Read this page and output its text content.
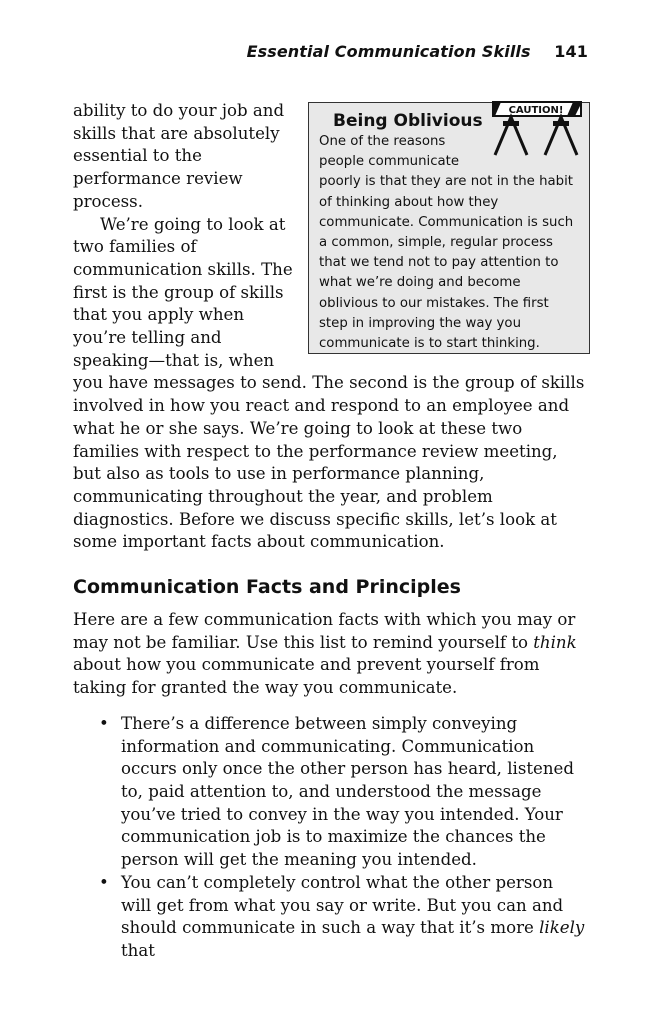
Essential Communication Skills 141
CAUTION!
Being Oblivious

One of the reasons people communicate poorly is that they are not in the habit of thinking about how they communicate. Communication is such a common, simple, regular process that we tend not to pay attention to what we’re doing and become oblivious to our mistakes. The first step in improving the way you communicate is to start thinking.

ability to do your job and skills that are absolutely essential to the performance review process.

We’re going to look at two families of communication skills. The first is the group of skills that you apply when you’re telling and speaking—that is, when you have messages to send. The second is the group of skills involved in how you react and respond to an employee and what he or she says. We’re going to look at these two families with respect to the performance review meeting, but also as tools to use in performance planning, communicating throughout the year, and problem diagnostics. Before we discuss specific skills, let’s look at some important facts about communication.

Communication Facts and Principles

Here are a few communication facts with which you may or may not be familiar. Use this list to remind yourself to think about how you communicate and prevent yourself from taking for granted the way you communicate.

• There’s a difference between simply conveying information and communicating. Communication occurs only once the other person has heard, listened to, paid attention to, and understood the message you’ve tried to convey in the way you intended. Your communication job is to maximize the chances the person will get the meaning you intended.
• You can’t completely control what the other person will get from what you say or write. But you can and should communicate in such a way that it’s more likely that
